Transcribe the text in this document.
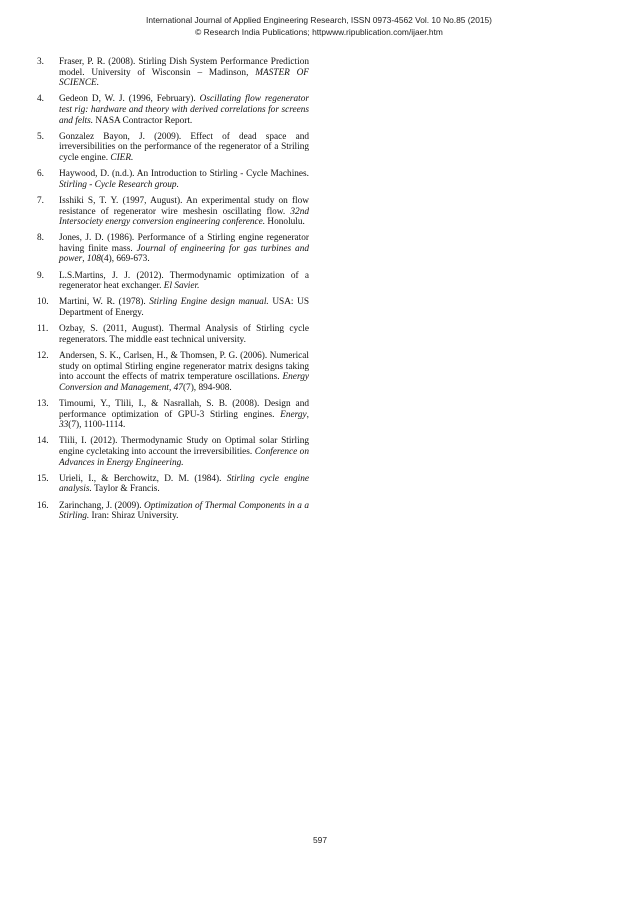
International Journal of Applied Engineering Research, ISSN 0973-4562 Vol. 10 No.85 (2015)
© Research India Publications; httpwww.ripublication.com/ijaer.htm
3. Fraser, P. R. (2008). Stirling Dish System Performance Prediction model. University of Wisconsin – Madinson, MASTER OF SCIENCE.
4. Gedeon D, W. J. (1996, February). Oscillating flow regenerator test rig: hardware and theory with derived correlations for screens and felts. NASA Contractor Report.
5. Gonzalez Bayon, J. (2009). Effect of dead space and irreversibilities on the performance of the regenerator of a Striling cycle engine. CIER.
6. Haywood, D. (n.d.). An Introduction to Stirling - Cycle Machines. Stirling - Cycle Research group.
7. Isshiki S, T. Y. (1997, August). An experimental study on flow resistance of regenerator wire meshesin oscillating flow. 32nd Intersociety energy conversion engineering conference. Honolulu.
8. Jones, J. D. (1986). Performance of a Stirling engine regenerator having finite mass. Journal of engineering for gas turbines and power, 108(4), 669-673.
9. L.S.Martins, J. J. (2012). Thermodynamic optimization of a regenerator heat exchanger. El Savier.
10. Martini, W. R. (1978). Stirling Engine design manual. USA: US Department of Energy.
11. Ozbay, S. (2011, August). Thermal Analysis of Stirling cycle regenerators. The middle east technical university.
12. Andersen, S. K., Carlsen, H., & Thomsen, P. G. (2006). Numerical study on optimal Stirling engine regenerator matrix designs taking into account the effects of matrix temperature oscillations. Energy Conversion and Management, 47(7), 894-908.
13. Timoumi, Y., Tlili, I., & Nasrallah, S. B. (2008). Design and performance optimization of GPU-3 Stirling engines. Energy, 33(7), 1100-1114.
14. Tlili, I. (2012). Thermodynamic Study on Optimal solar Stirling engine cycletaking into account the irreversibilities. Conference on Advances in Energy Engineering.
15. Urieli, I., & Berchowitz, D. M. (1984). Stirling cycle engine analysis. Taylor & Francis.
16. Zarinchang, J. (2009). Optimization of Thermal Components in a a Stirling. Iran: Shiraz University.
597
